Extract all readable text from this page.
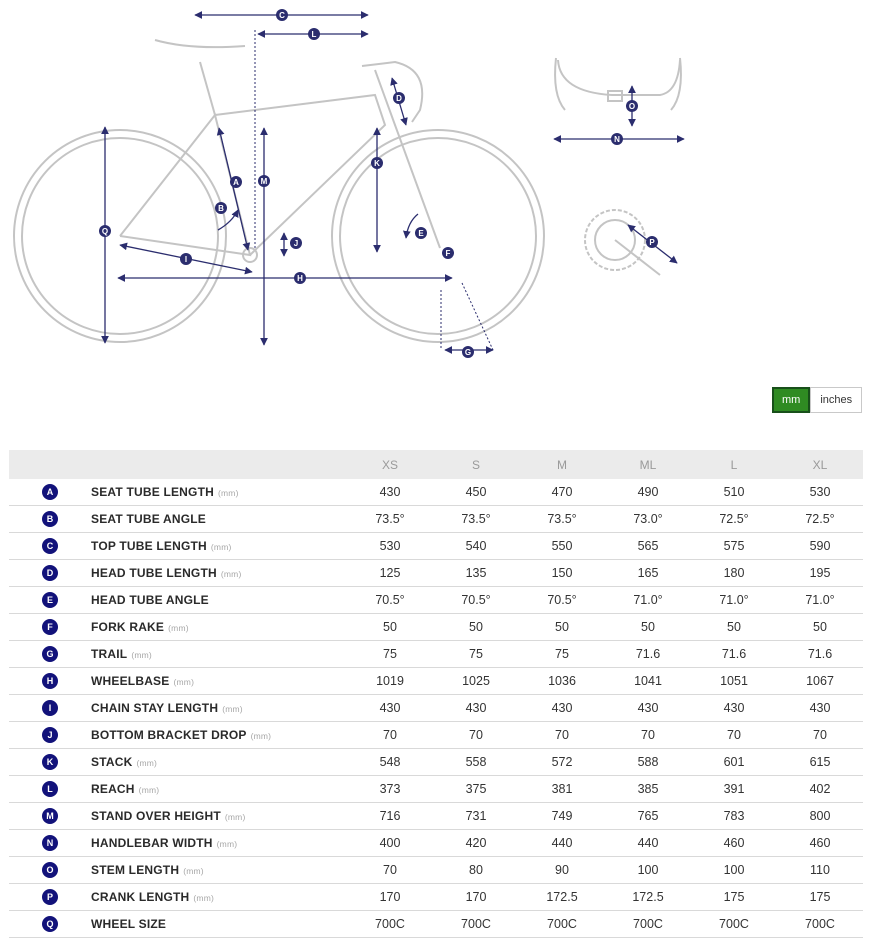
C
L
D
K
M
A
B
Q
J
E
F
I
H
G
O
N
P
mm	inches
		XS	S	M	ML	L	XL
A	SEAT TUBE LENGTH (mm)	430	450	470	490	510	530
B	SEAT TUBE ANGLE	73.5°	73.5°	73.5°	73.0°	72.5°	72.5°
C	TOP TUBE LENGTH (mm)	530	540	550	565	575	590
D	HEAD TUBE LENGTH (mm)	125	135	150	165	180	195
E	HEAD TUBE ANGLE	70.5°	70.5°	70.5°	71.0°	71.0°	71.0°
F	FORK RAKE (mm)	50	50	50	50	50	50
G	TRAIL (mm)	75	75	75	71.6	71.6	71.6
H	WHEELBASE (mm)	1019	1025	1036	1041	1051	1067
I	CHAIN STAY LENGTH (mm)	430	430	430	430	430	430
J	BOTTOM BRACKET DROP (mm)	70	70	70	70	70	70
K	STACK (mm)	548	558	572	588	601	615
L	REACH (mm)	373	375	381	385	391	402
M	STAND OVER HEIGHT (mm)	716	731	749	765	783	800
N	HANDLEBAR WIDTH (mm)	400	420	440	440	460	460
O	STEM LENGTH (mm)	70	80	90	100	100	110
P	CRANK LENGTH (mm)	170	170	172.5	172.5	175	175
Q	WHEEL SIZE	700C	700C	700C	700C	700C	700C
